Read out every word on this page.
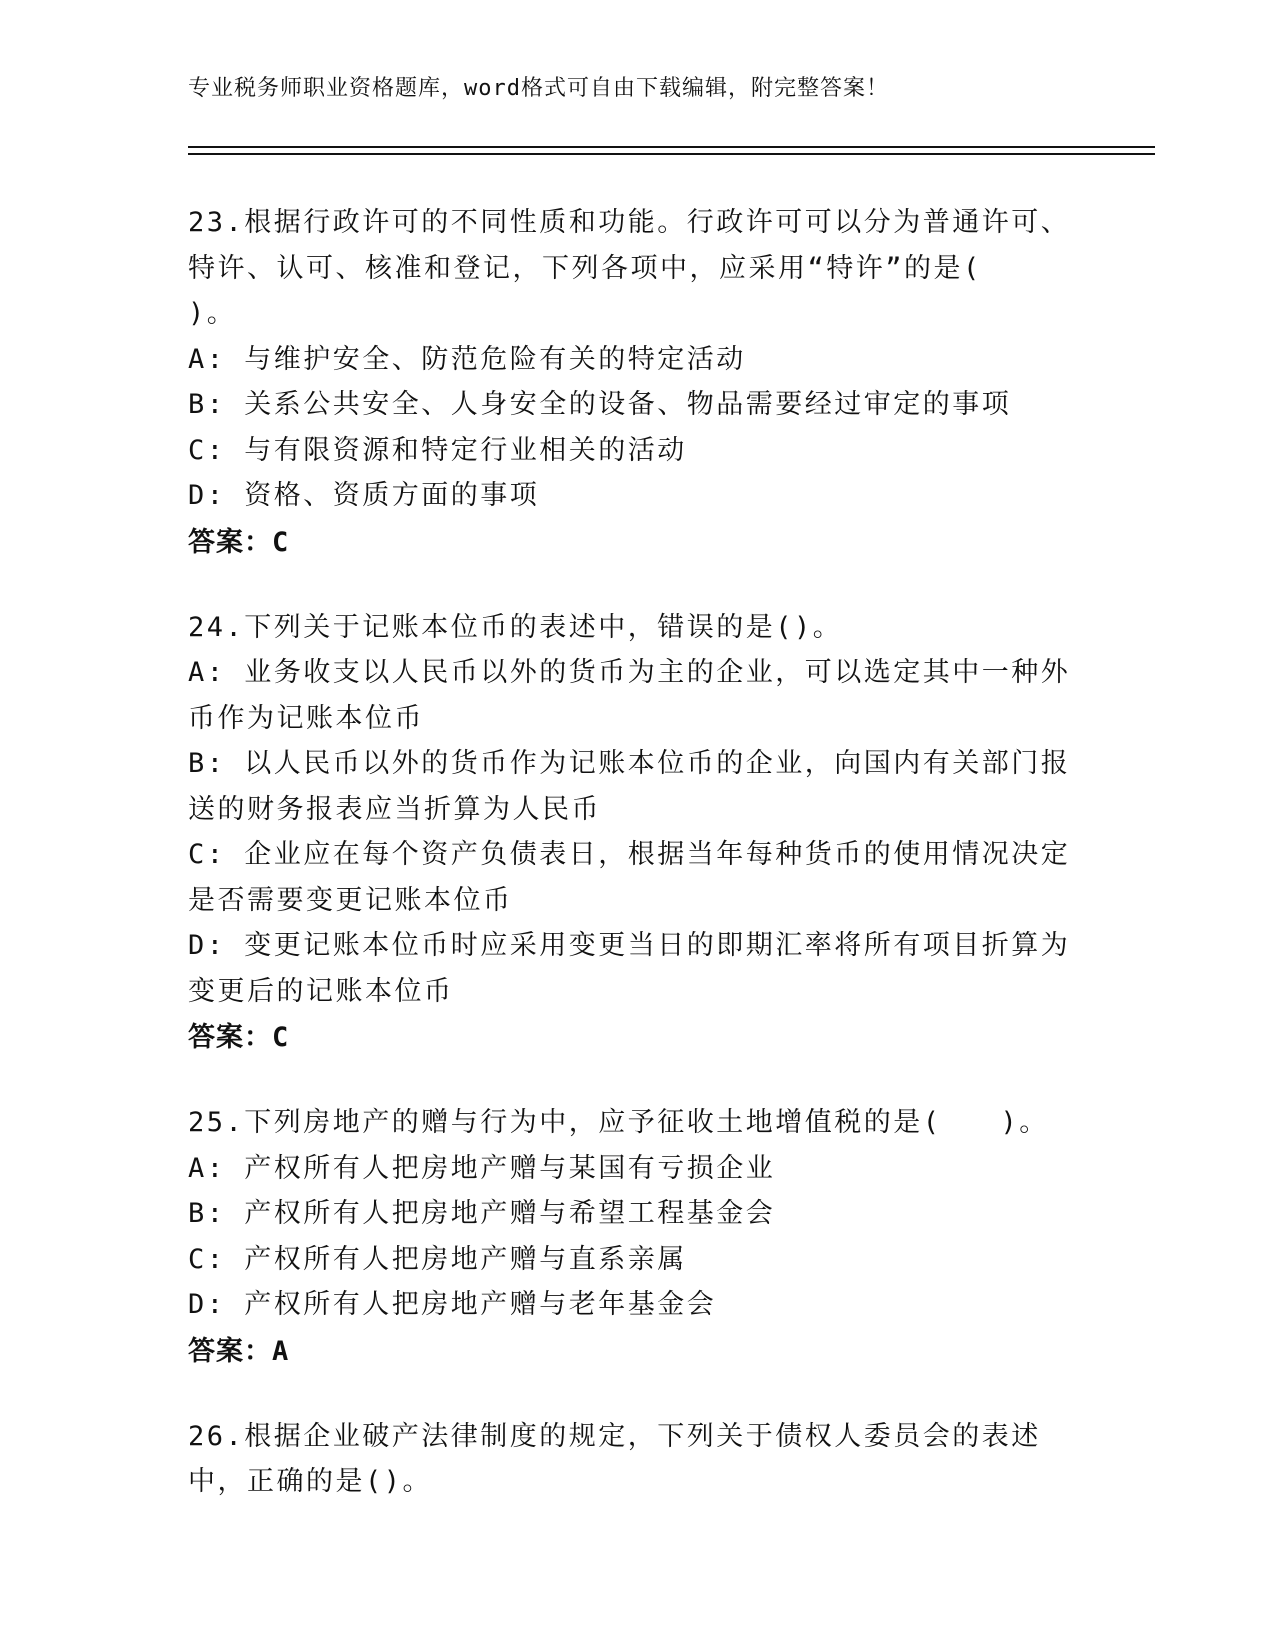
专业税务师职业资格题库，word格式可自由下载编辑，附完整答案！
23.根据行政许可的不同性质和功能。行政许可可以分为普通许可、特许、认可、核准和登记，下列各项中，应采用“特许”的是(　　)。
A: 与维护安全、防范危险有关的特定活动
B: 关系公共安全、人身安全的设备、物品需要经过审定的事项
C: 与有限资源和特定行业相关的活动
D: 资格、资质方面的事项
答案：C
24.下列关于记账本位币的表述中，错误的是()。
A: 业务收支以人民币以外的货币为主的企业，可以选定其中一种外币作为记账本位币
B: 以人民币以外的货币作为记账本位币的企业，向国内有关部门报送的财务报表应当折算为人民币
C: 企业应在每个资产负债表日，根据当年每种货币的使用情况决定是否需要变更记账本位币
D: 变更记账本位币时应采用变更当日的即期汇率将所有项目折算为变更后的记账本位币
答案：C
25.下列房地产的赠与行为中，应予征收土地增值税的是(　　)。
A: 产权所有人把房地产赠与某国有亏损企业
B: 产权所有人把房地产赠与希望工程基金会
C: 产权所有人把房地产赠与直系亲属
D: 产权所有人把房地产赠与老年基金会
答案：A
26.根据企业破产法律制度的规定，下列关于债权人委员会的表述中，正确的是()。
